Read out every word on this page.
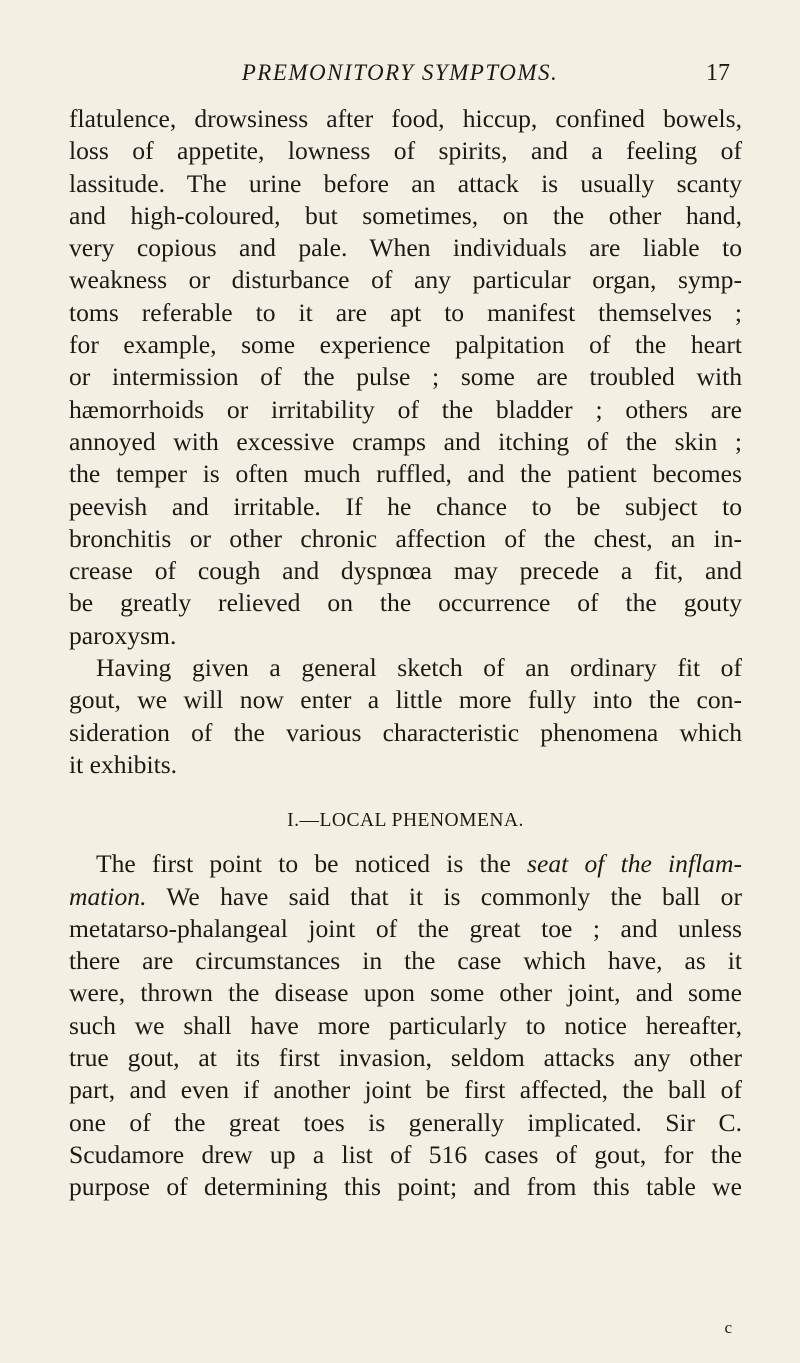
PREMONITORY SYMPTOMS.	17

flatulence, drowsiness after food, hiccup, confined bowels,
loss of appetite, lowness of spirits, and a feeling of
lassitude. The urine before an attack is usually scanty
and high-coloured, but sometimes, on the other hand,
very copious and pale. When individuals are liable to
weakness or disturbance of any particular organ, symp-
toms referable to it are apt to manifest themselves ;
for example, some experience palpitation of the heart
or intermission of the pulse ; some are troubled with
hæmorrhoids or irritability of the bladder ; others are
annoyed with excessive cramps and itching of the skin ;
the temper is often much ruffled, and the patient becomes
peevish and irritable. If he chance to be subject to
bronchitis or other chronic affection of the chest, an in-
crease of cough and dyspnœa may precede a fit, and
be greatly relieved on the occurrence of the gouty
paroxysm.

Having given a general sketch of an ordinary fit of
gout, we will now enter a little more fully into the con-
sideration of the various characteristic phenomena which
it exhibits.

I.—LOCAL PHENOMENA.

The first point to be noticed is the seat of the inflam-
mation. We have said that it is commonly the ball or
metatarso-phalangeal joint of the great toe ; and unless
there are circumstances in the case which have, as it
were, thrown the disease upon some other joint, and some
such we shall have more particularly to notice hereafter,
true gout, at its first invasion, seldom attacks any other
part, and even if another joint be first affected, the ball of
one of the great toes is generally implicated. Sir C.
Scudamore drew up a list of 516 cases of gout, for the
purpose of determining this point; and from this table we

c
